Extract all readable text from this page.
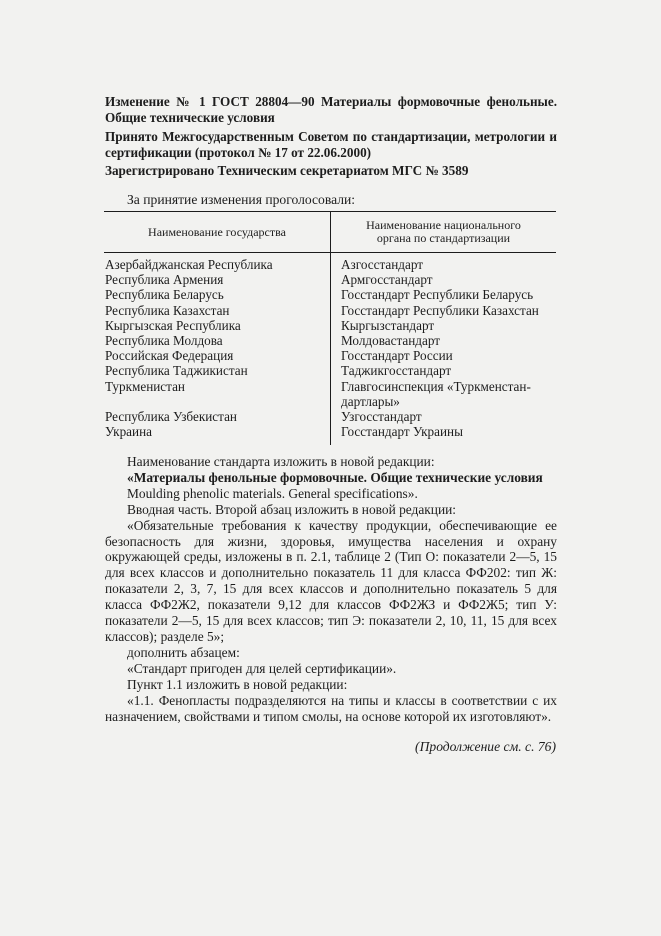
Изменение № 1 ГОСТ 28804—90 Материалы формовочные фенольные. Общие технические условия
Принято Межгосударственным Советом по стандартизации, метрологии и сертификации (протокол № 17 от 22.06.2000)
Зарегистрировано Техническим секретариатом МГС № 3589
За принятие изменения проголосовали:
Наименование государства	Наименование национального
органа по стандартизации

Азербайджанская Республика	Азгосстандарт
Республика Армения	Армгосстандарт
Республика Беларусь	Госстандарт Республики Беларусь
Республика Казахстан	Госстандарт Республики Казахстан
Кыргызская Республика	Кыргызстандарт
Республика Молдова	Молдовастандарт
Российская Федерация	Госстандарт России
Республика Таджикистан	Таджикгосстандарт
Туркменистан	Главгосинспекция «Туркменстан-дартлары»
Республика Узбекистан	Узгосстандарт
Украина	Госстандарт Украины

Наименование стандарта изложить в новой редакции:

«Материалы фенольные формовочные. Общие технические условия

Moulding phenolic materials. General specifications».

Вводная часть. Второй абзац изложить в новой редакции:

«Обязательные требования к качеству продукции, обеспечивающие ее безопасность для жизни, здоровья, имущества населения и охрану окружающей среды, изложены в п. 2.1, таблице 2 (Тип О: показатели 2—5, 15 для всех классов и дополнительно показатель 11 для класса ФФ202: тип Ж: показатели 2, 3, 7, 15 для всех классов и дополнительно показатель 5 для класса ФФ2Ж2, показатели 9,12 для классов ФФ2ЖЗ и ФФ2Ж5; тип У: показатели 2—5, 15 для всех классов; тип Э: показатели 2, 10, 11, 15 для всех классов); разделе 5»;

дополнить абзацем:

«Стандарт пригоден для целей сертификации».

Пункт 1.1 изложить в новой редакции:

«1.1. Фенопласты подразделяются на типы и классы в соответствии с их назначением, свойствами и типом смолы, на основе которой их изготовляют».

(Продолжение см. с. 76)
